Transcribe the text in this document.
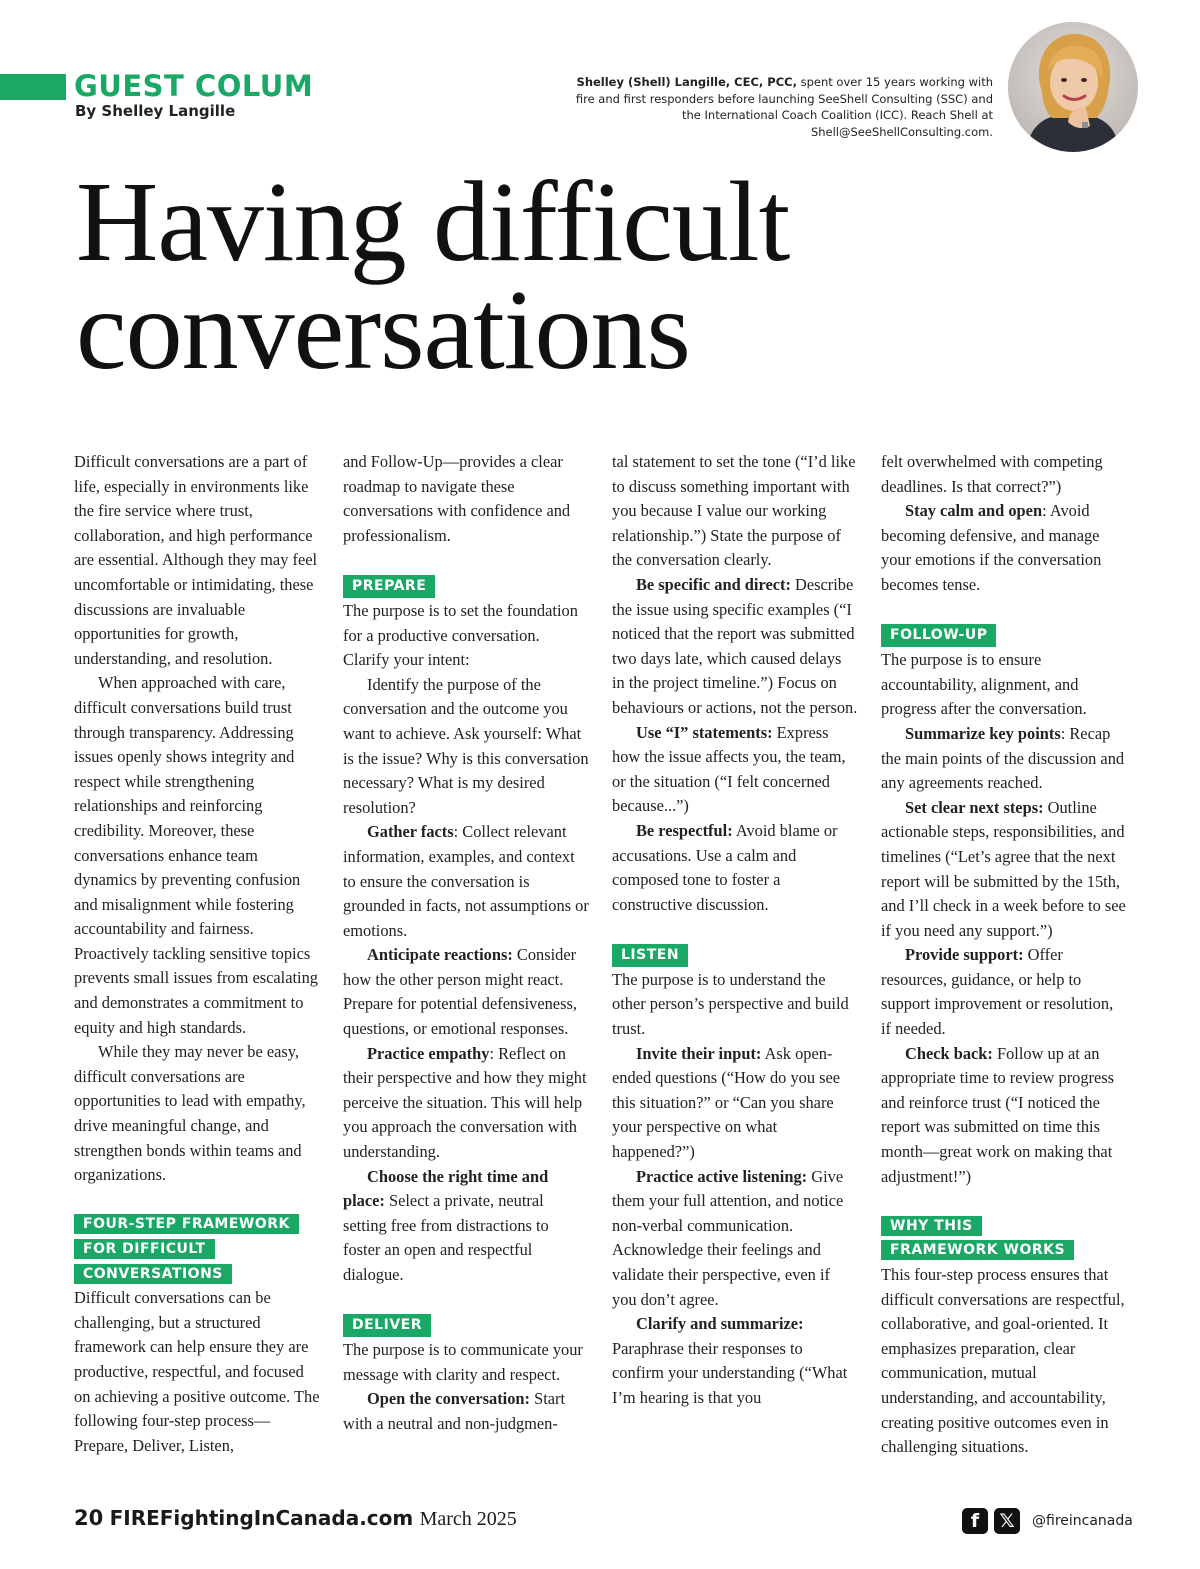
GUEST COLUM
By Shelley Langille
Shelley (Shell) Langille, CEC, PCC, spent over 15 years working with fire and first responders before launching SeeShell Consulting (SSC) and the International Coach Coalition (ICC). Reach Shell at Shell@SeeShellConsulting.com.
Having difficult
conversations

Difficult conversations are a part of life, especially in environments like the fire service where trust, collaboration, and high performance are essential. Although they may feel uncomfortable or intimidating, these discussions are invaluable opportunities for growth, understanding, and resolution.

When approached with care, difficult conversations build trust through transparency. Addressing issues openly shows integrity and respect while strengthening relationships and reinforcing credibility. Moreover, these conversations enhance team dynamics by preventing confusion and misalignment while fostering accountability and fairness. Proactively tackling sensitive topics prevents small issues from escalating and demonstrates a commitment to equity and high standards.

While they may never be easy, difficult conversations are opportunities to lead with empathy, drive meaningful change, and strengthen bonds within teams and organizations.

FOUR-STEP FRAMEWORK
FOR DIFFICULT
CONVERSATIONS

Difficult conversations can be challenging, but a structured framework can help ensure they are productive, respectful, and focused on achieving a positive outcome. The following four-step process—Prepare, Deliver, Listen,

and Follow-Up—provides a clear roadmap to navigate these conversations with confidence and professionalism.

PREPARE

The purpose is to set the foundation for a productive conversation. Clarify your intent:

Identify the purpose of the conversation and the outcome you want to achieve. Ask yourself: What is the issue? Why is this conversation necessary? What is my desired resolution?

Gather facts: Collect relevant information, examples, and context to ensure the conversation is grounded in facts, not assumptions or emotions.

Anticipate reactions: Consider how the other person might react. Prepare for potential defensiveness, questions, or emotional responses.

Practice empathy: Reflect on their perspective and how they might perceive the situation. This will help you approach the conversation with understanding.

Choose the right time and place: Select a private, neutral setting free from distractions to foster an open and respectful dialogue.

DELIVER

The purpose is to communicate your message with clarity and respect.

Open the conversation: Start with a neutral and non-judgmen-

tal statement to set the tone (“I’d like to discuss something important with you because I value our working relationship.”) State the purpose of the conversation clearly.

Be specific and direct: Describe the issue using specific examples (“I noticed that the report was submitted two days late, which caused delays in the project timeline.”) Focus on behaviours or actions, not the person.

Use “I” statements: Express how the issue affects you, the team, or the situation (“I felt concerned because...”)

Be respectful: Avoid blame or accusations. Use a calm and composed tone to foster a constructive discussion.

LISTEN

The purpose is to understand the other person’s perspective and build trust.

Invite their input: Ask open-ended questions (“How do you see this situation?” or “Can you share your perspective on what happened?”)

Practice active listening: Give them your full attention, and notice non-verbal communication. Acknowledge their feelings and validate their perspective, even if you don’t agree.

Clarify and summarize: Paraphrase their responses to confirm your understanding (“What I’m hearing is that you

felt overwhelmed with competing deadlines. Is that correct?”)

Stay calm and open: Avoid becoming defensive, and manage your emotions if the conversation becomes tense.

FOLLOW-UP

The purpose is to ensure accountability, alignment, and progress after the conversation.

Summarize key points: Recap the main points of the discussion and any agreements reached.

Set clear next steps: Outline actionable steps, responsibilities, and timelines (“Let’s agree that the next report will be submitted by the 15th, and I’ll check in a week before to see if you need any support.”)

Provide support: Offer resources, guidance, or help to support improvement or resolution, if needed.

Check back: Follow up at an appropriate time to review progress and reinforce trust (“I noticed the report was submitted on time this month—great work on making that adjustment!”)

WHY THIS
FRAMEWORK WORKS

This four-step process ensures that difficult conversations are respectful, collaborative, and goal-oriented. It emphasizes preparation, clear communication, mutual understanding, and accountability, creating positive outcomes even in challenging situations.

20 FIREFightingInCanada.com March 2025	f	𝕏	@fireincanada
